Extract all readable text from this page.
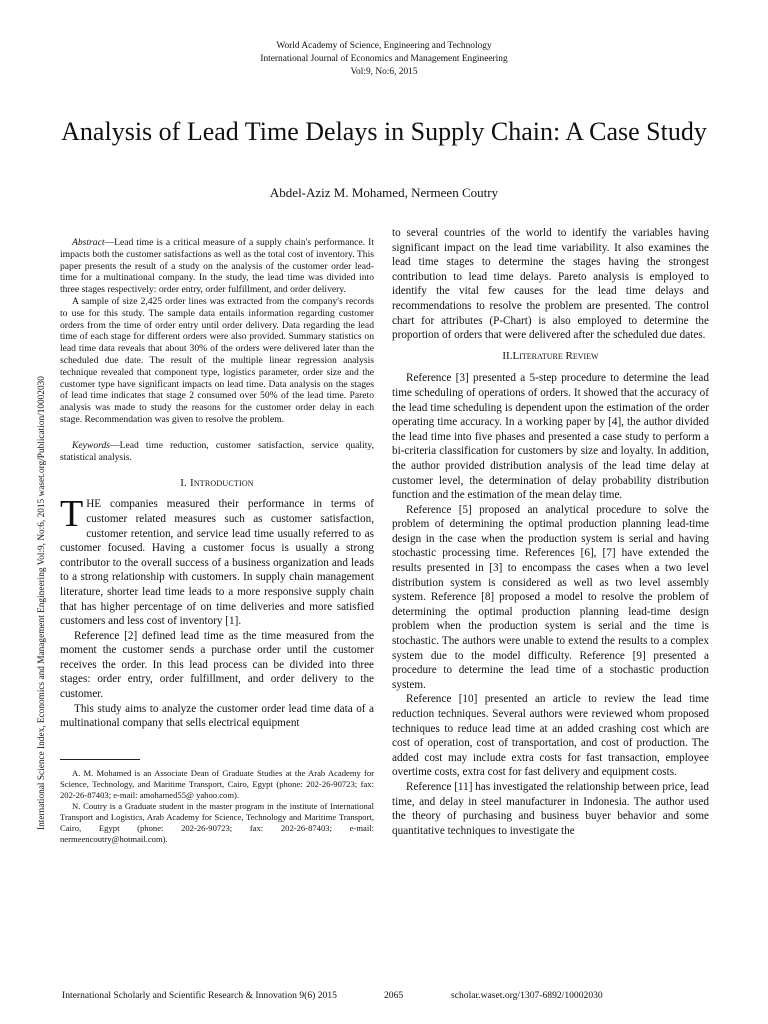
World Academy of Science, Engineering and Technology
International Journal of Economics and Management Engineering
Vol:9, No:6, 2015
Analysis of Lead Time Delays in Supply Chain: A Case Study
Abdel-Aziz M. Mohamed, Nermeen Coutry
International Science Index, Economics and Management Engineering Vol:9, No:6, 2015 waset.org/Publication/10002030

Abstract—Lead time is a critical measure of a supply chain's performance. It impacts both the customer satisfactions as well as the total cost of inventory. This paper presents the result of a study on the analysis of the customer order lead-time for a multinational company. In the study, the lead time was divided into three stages respectively: order entry, order fulfillment, and order delivery.

A sample of size 2,425 order lines was extracted from the company's records to use for this study. The sample data entails information regarding customer orders from the time of order entry until order delivery. Data regarding the lead time of each stage for different orders were also provided. Summary statistics on lead time data reveals that about 30% of the orders were delivered later than the scheduled due date. The result of the multiple linear regression analysis technique revealed that component type, logistics parameter, order size and the customer type have significant impacts on lead time. Data analysis on the stages of lead time indicates that stage 2 consumed over 50% of the lead time. Pareto analysis was made to study the reasons for the customer order delay in each stage. Recommendation was given to resolve the problem.

Keywords—Lead time reduction, customer satisfaction, service quality, statistical analysis.
I. Introduction

THE companies measured their performance in terms of customer related measures such as customer satisfaction, customer retention, and service lead time usually referred to as customer focused. Having a customer focus is usually a strong contributor to the overall success of a business organization and leads to a strong relationship with customers. In supply chain management literature, shorter lead time leads to a more responsive supply chain that has higher percentage of on time deliveries and more satisfied customers and less cost of inventory [1].

Reference [2] defined lead time as the time measured from the moment the customer sends a purchase order until the customer receives the order. In this lead process can be divided into three stages: order entry, order fulfillment, and order delivery to the customer.

This study aims to analyze the customer order lead time data of a multinational company that sells electrical equipment

A. M. Mohamed is an Associate Dean of Graduate Studies at the Arab Academy for Science, Technology, and Maritime Transport, Cairo, Egypt (phone: 202-26-90723; fax: 202-26-87403; e-mail: amohamed55@ yahoo.com).

N. Coutry is a Graduate student in the master program in the institute of International Transport and Logistics, Arab Academy for Science, Technology and Maritime Transport, Cairo, Egypt (phone: 202-26-90723; fax: 202-26-87403; e-mail: nermeencoutry@hotmail.com).

to several countries of the world to identify the variables having significant impact on the lead time variability. It also examines the lead time stages to determine the stages having the strongest contribution to lead time delays. Pareto analysis is employed to identify the vital few causes for the lead time delays and recommendations to resolve the problem are presented. The control chart for attributes (P-Chart) is also employed to determine the proportion of orders that were delivered after the scheduled due dates.

II.Literature Review

Reference [3] presented a 5-step procedure to determine the lead time scheduling of operations of orders. It showed that the accuracy of the lead time scheduling is dependent upon the estimation of the order operating time accuracy. In a working paper by [4], the author divided the lead time into five phases and presented a case study to perform a bi-criteria classification for customers by size and loyalty. In addition, the author provided distribution analysis of the lead time delay at customer level, the determination of delay probability distribution function and the estimation of the mean delay time.

Reference [5] proposed an analytical procedure to solve the problem of determining the optimal production planning lead-time design in the case when the production system is serial and having stochastic processing time. References [6], [7] have extended the results presented in [3] to encompass the cases when a two level distribution system is considered as well as two level assembly system. Reference [8] proposed a model to resolve the problem of determining the optimal production planning lead-time design problem when the production system is serial and the time is stochastic. The authors were unable to extend the results to a complex system due to the model difficulty. Reference [9] presented a procedure to determine the lead time of a stochastic production system.

Reference [10] presented an article to review the lead time reduction techniques. Several authors were reviewed whom proposed techniques to reduce lead time at an added crashing cost which are cost of operation, cost of transportation, and cost of production. The added cost may include extra costs for fast transaction, employee overtime costs, extra cost for fast delivery and equipment costs.

Reference [11] has investigated the relationship between price, lead time, and delay in steel manufacturer in Indonesia. The author used the theory of purchasing and business buyer behavior and some quantitative techniques to investigate the

International Scholarly and Scientific Research & Innovation 9(6) 2015	2065	scholar.waset.org/1307-6892/10002030
